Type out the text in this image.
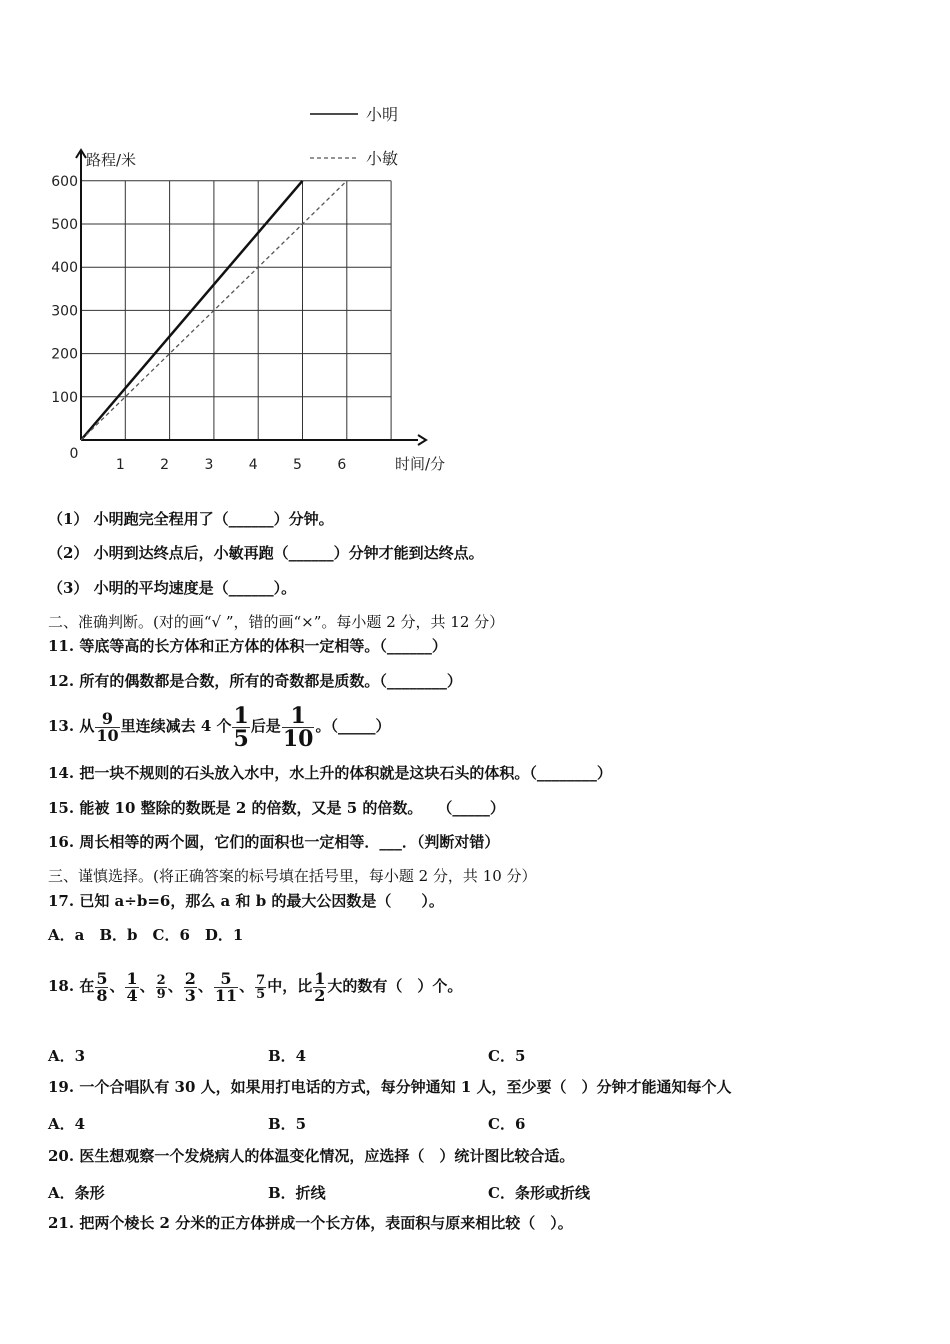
1	2	3	4	5	6
100
200
300
400
500
600
0
时间/分
路程/米
小明
小敏
（1） 小明跑完全程用了（______）分钟。
（2） 小明到达终点后，小敏再跑（______）分钟才能到达终点。
（3） 小明的平均速度是（______）。
二、准确判断。(对的画“√ ”，错的画“×”。每小题 2 分，共 12 分）
11. 等底等高的长方体和正方体的体积一定相等。（______）
12. 所有的偶数都是合数，所有的奇数都是质数。（________）
13. 从 $\frac{9}{10}$ 里连续减去 4 个 $\frac{1}{5}$ 后是 $\frac{1}{10}$ 。（_____）
14. 把一块不规则的石头放入水中，水上升的体积就是这块石头的体积。（________）
15. 能被 10 整除的数既是 2 的倍数，又是 5 的倍数。　　（_____）
16. 周长相等的两个圆，它们的面积也一定相等．___．（判断对错）
三、谨慎选择。(将正确答案的标号填在括号里，每小题 2 分，共 10 分）
17. 已知 a÷b=6，那么 a 和 b 的最大公因数是（　　）。
A．a　B．b　C．6　D．1
18. 在 $\frac{5}{8}$ 、 $\frac{1}{4}$ 、 $\frac{2}{9}$ 、 $\frac{2}{3}$ 、 $\frac{5}{11}$ 、 $\frac{7}{5}$ 中，比 $\frac{1}{2}$ 大的数有（　）个。
A．3	B．4	C．5
19. 一个合唱队有 30 人，如果用打电话的方式，每分钟通知 1 人，至少要（　）分钟才能通知每个人
A．4	B．5	C．6
20. 医生想观察一个发烧病人的体温变化情况，应选择（　）统计图比较合适。
A．条形	B．折线	C．条形或折线
21. 把两个棱长 2 分米的正方体拼成一个长方体，表面积与原来相比较（　）。
